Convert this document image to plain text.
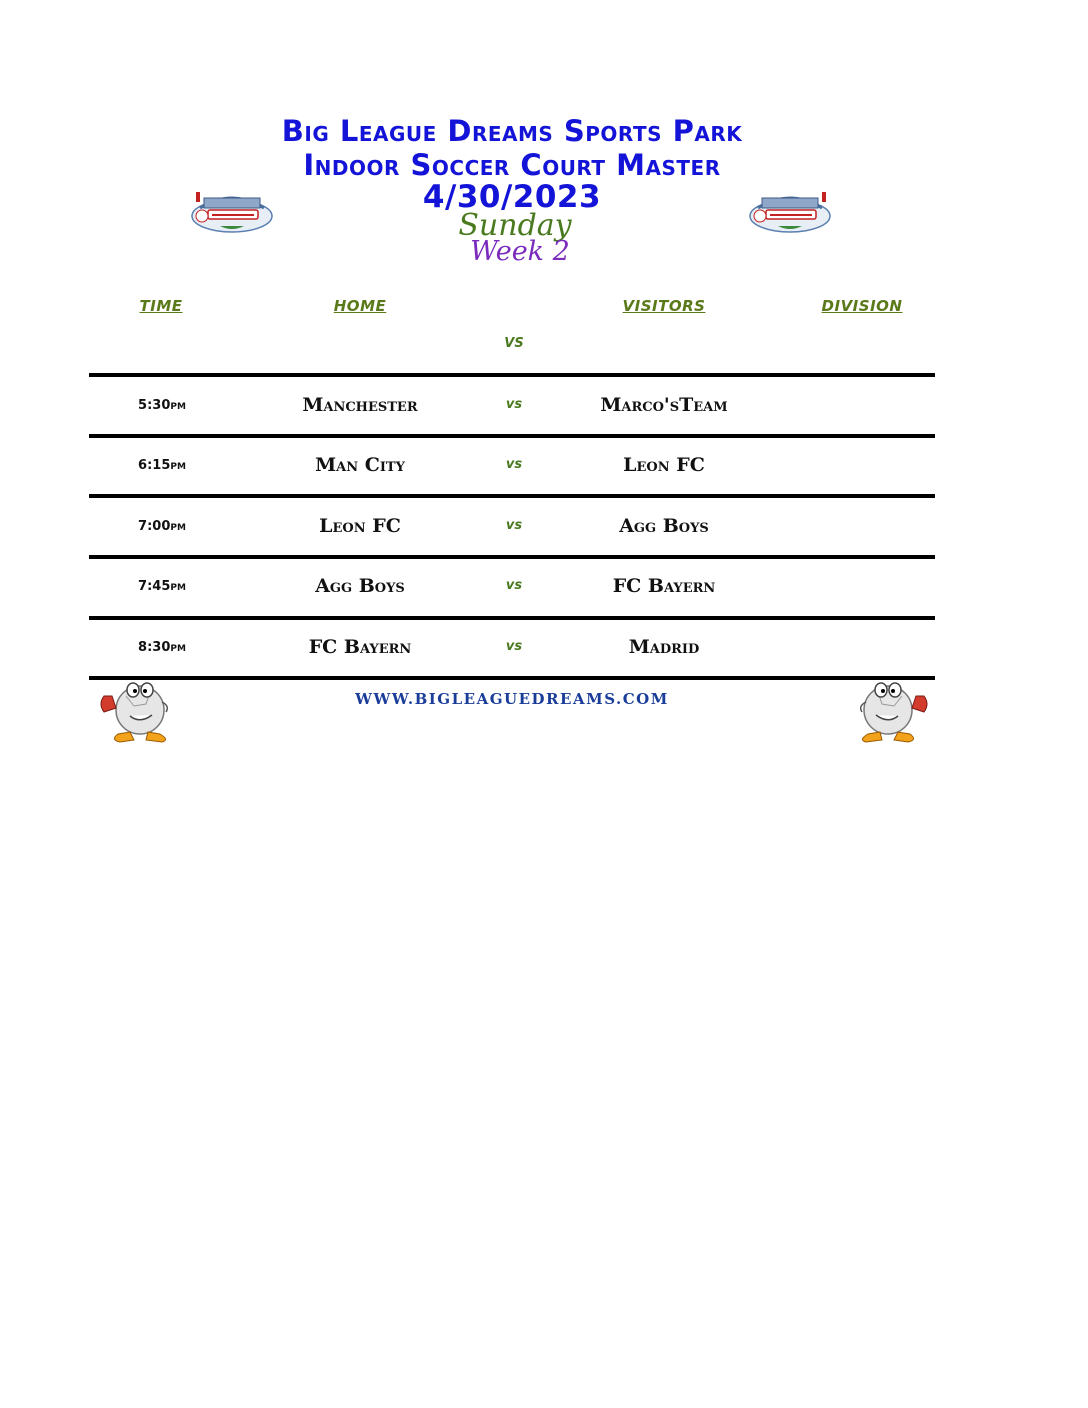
Big League Dreams Sports Park
Indoor Soccer Court Master
4/30/2023
Sunday
Week 2
TIME	HOME	VISITORS	DIVISION
VS
5:30pm	Manchester	vs	Marco'sTeam
6:15pm	Man City	vs	Leon FC
7:00pm	Leon FC	vs	Agg Boys
7:45pm	Agg Boys	vs	FC Bayern
8:30pm	FC Bayern	vs	Madrid
WWW.BIGLEAGUEDREAMS.COM
